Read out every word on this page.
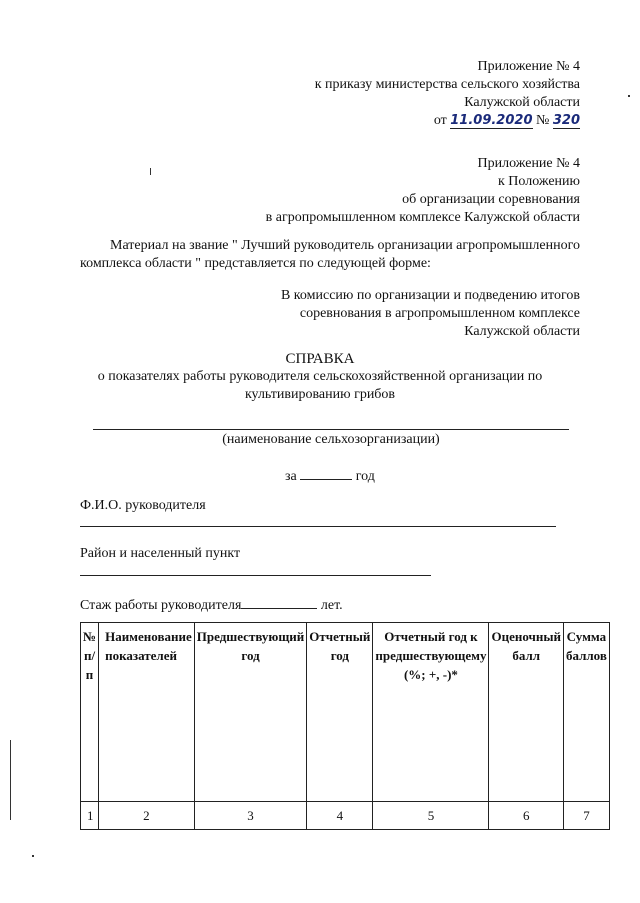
Приложение № 4
к приказу министерства сельского хозяйства
Калужской области
от 11.09.2020 № 320
Приложение № 4
к Положению
об организации соревнования
в агропромышленном комплексе Калужской области
Материал на звание " Лучший руководитель организации агропромышленного
комплекса области " представляется по следующей форме:
В комиссию по организации и подведению итогов
соревнования в агропромышленном комплексе
Калужской области
СПРАВКА
о показателях работы руководителя сельскохозяйственной организации по
культивированию грибов
(наименование сельхозорганизации)
за	год
Ф.И.О. руководителя
Район и населенный пункт
Стаж работы руководителя	лет.
№ п/п	Наименование показателей	Предшествующий год	Отчетный год	Отчетный год к предшествующему (%; +, -)*	Оценочный балл	Сумма баллов
1	2	3	4	5	6	7
